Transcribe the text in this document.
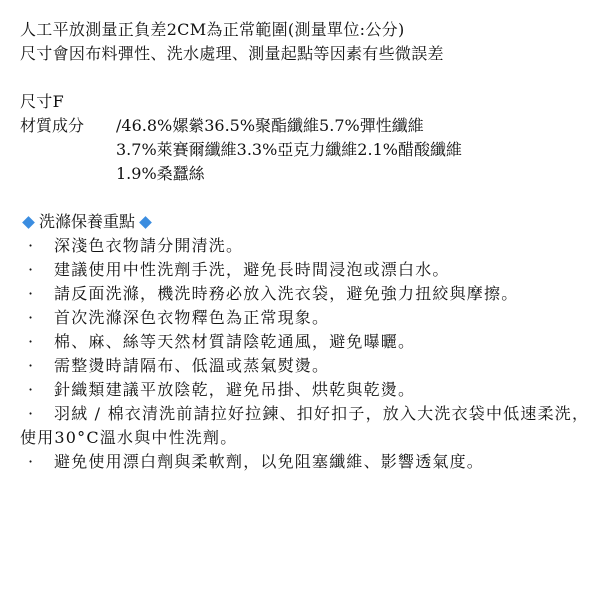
人工平放測量正負差2CM為正常範圍(測量單位:公分)
尺寸會因布料彈性、洗水處理、測量起點等因素有些微誤差
尺寸F
材質成分	/46.8%嫘縈36.5%聚酯纖維5.7%彈性纖維
3.7%萊賽爾纖維3.3%亞克力纖維2.1%醋酸纖維
1.9%桑蠶絲
洗滌保養重點
· 深淺色衣物請分開清洗。
· 建議使用中性洗劑手洗，避免長時間浸泡或漂白水。
· 請反面洗滌，機洗時務必放入洗衣袋，避免強力扭絞與摩擦。
· 首次洗滌深色衣物釋色為正常現象。
· 棉、麻、絲等天然材質請陰乾通風，避免曝曬。
· 需整燙時請隔布、低溫或蒸氣熨燙。
· 針織類建議平放陰乾，避免吊掛、烘乾與乾燙。
· 羽絨 / 棉衣清洗前請拉好拉鍊、扣好扣子，放入大洗衣袋中低速柔洗，使用30°C溫水與中性洗劑。
· 避免使用漂白劑與柔軟劑，以免阻塞纖維、影響透氣度。
